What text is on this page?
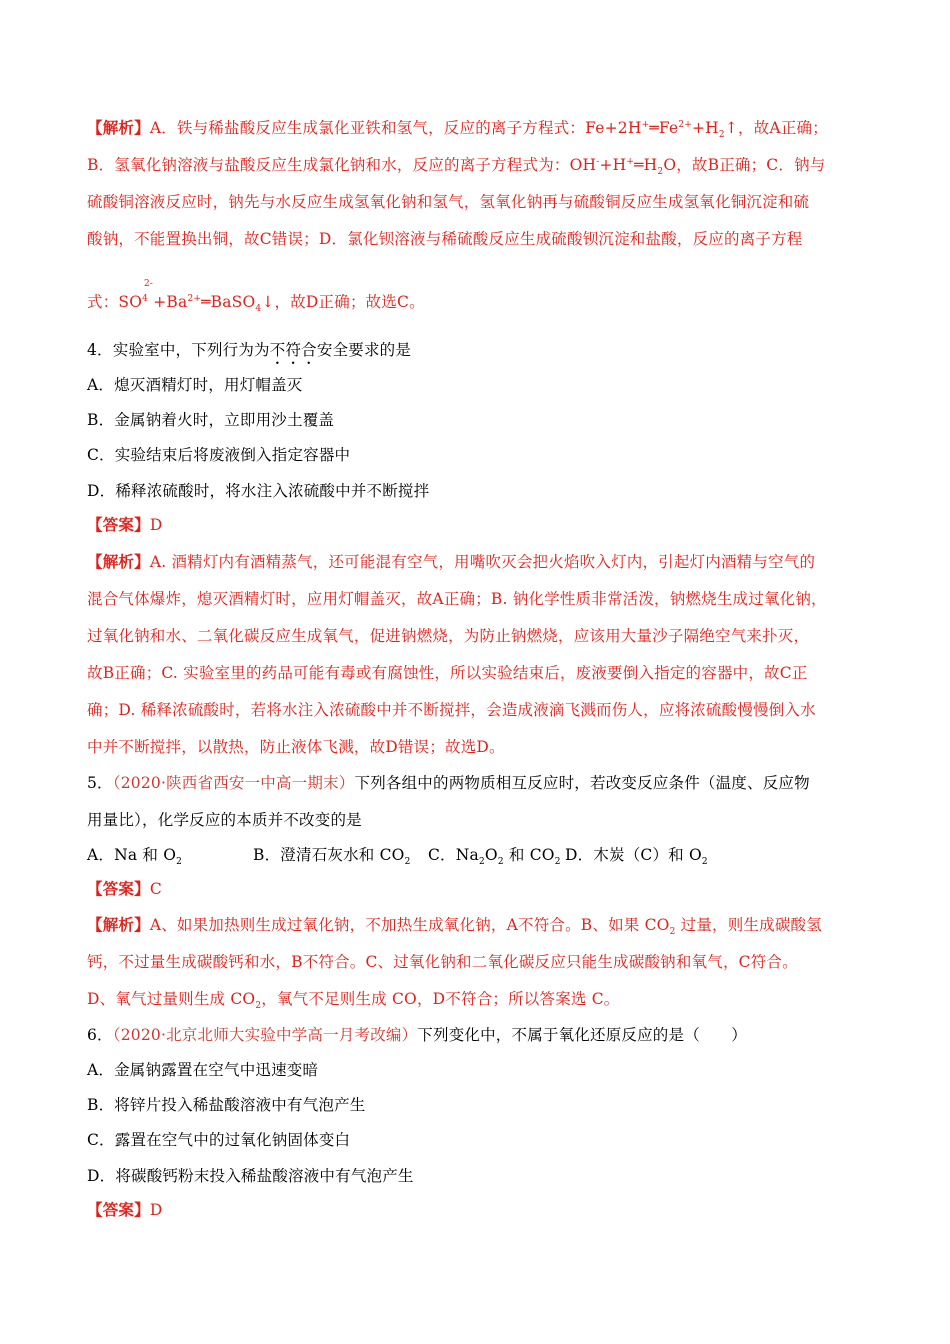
【解析】A．铁与稀盐酸反应生成氯化亚铁和氢气，反应的离子方程式：$Fe+2H^+═Fe^{2+}+H_2↑$，故A正确；
B．氢氧化钠溶液与盐酸反应生成氯化钠和水，反应的离子方程式为：$OH^-+H^+═H_2O$，故B正确；C．钠与
硫酸铜溶液反应时，钠先与水反应生成氢氧化钠和氢气，氢氧化钠再与硫酸铜反应生成氢氧化铜沉淀和硫
酸钠，不能置换出铜，故C错误；D．氯化钡溶液与稀硫酸反应生成硫酸钡沉淀和盐酸，反应的离子方程
2-
式：$SO^4$ $+Ba^{2+}═BaSO_4↓$，故D正确；故选C。
4．实验室中，下列行为为不符合安全要求的是
A．熄灭酒精灯时，用灯帽盖灭
B．金属钠着火时，立即用沙土覆盖
C．实验结束后将废液倒入指定容器中
D．稀释浓硫酸时，将水注入浓硫酸中并不断搅拌
【答案】D
【解析】A. 酒精灯内有酒精蒸气，还可能混有空气，用嘴吹灭会把火焰吹入灯内，引起灯内酒精与空气的
混合气体爆炸，熄灭酒精灯时，应用灯帽盖灭，故A正确；B. 钠化学性质非常活泼，钠燃烧生成过氧化钠，
过氧化钠和水、二氧化碳反应生成氧气，促进钠燃烧，为防止钠燃烧，应该用大量沙子隔绝空气来扑灭，
故B正确；C. 实验室里的药品可能有毒或有腐蚀性，所以实验结束后，废液要倒入指定的容器中，故C正
确；D. 稀释浓硫酸时，若将水注入浓硫酸中并不断搅拌，会造成液滴飞溅而伤人，应将浓硫酸慢慢倒入水
中并不断搅拌，以散热，防止液体飞溅，故D错误；故选D。
5．（2020·陕西省西安一中高一期末）下列各组中的两物质相互反应时，若改变反应条件（温度、反应物
用量比），化学反应的本质并不改变的是
A．Na 和 $O_2$	B．澄清石灰水和 $CO_2$ C．$Na_2O_2$ 和 $CO_2$ D．木炭（C）和 $O_2$
【答案】C
【解析】A、如果加热则生成过氧化钠，不加热生成氧化钠，A不符合。B、如果 $CO_2$ 过量，则生成碳酸氢
钙，不过量生成碳酸钙和水，B不符合。C、过氧化钠和二氧化碳反应只能生成碳酸钠和氧气，C符合。
D、氧气过量则生成 $CO_2$，氧气不足则生成 CO，D不符合；所以答案选 C。
6．（2020·北京北师大实验中学高一月考改编）下列变化中，不属于氧化还原反应的是（　　）
A．金属钠露置在空气中迅速变暗
B．将锌片投入稀盐酸溶液中有气泡产生
C．露置在空气中的过氧化钠固体变白
D．将碳酸钙粉末投入稀盐酸溶液中有气泡产生
【答案】D
